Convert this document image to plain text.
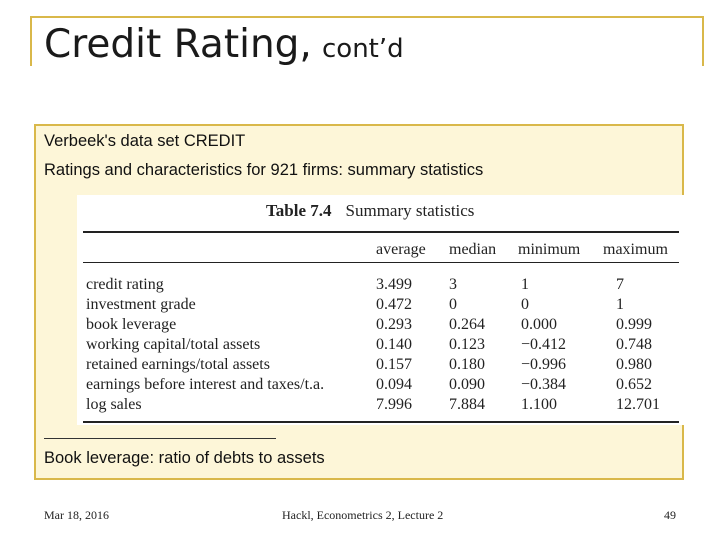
Credit Rating, cont’d
Verbeek's data set CREDIT
Ratings and characteristics for 921 firms: summary statistics
Table 7.4 Summary statistics
average median minimum maximum
credit rating	3.499 3	1	7
investment grade	0.472 0	0	1
book leverage	0.293 0.264 0.000	0.999
working capital/total assets	0.140 0.123 −0.412	0.748
retained earnings/total assets	0.157 0.180 −0.996	0.980
earnings before interest and taxes/t.a.	0.094 0.090 −0.384	0.652
log sales	7.996 7.884 1.100	12.701
Book leverage: ratio of debts to assets
Mar 18, 2016	Hackl, Econometrics 2, Lecture 2	49
